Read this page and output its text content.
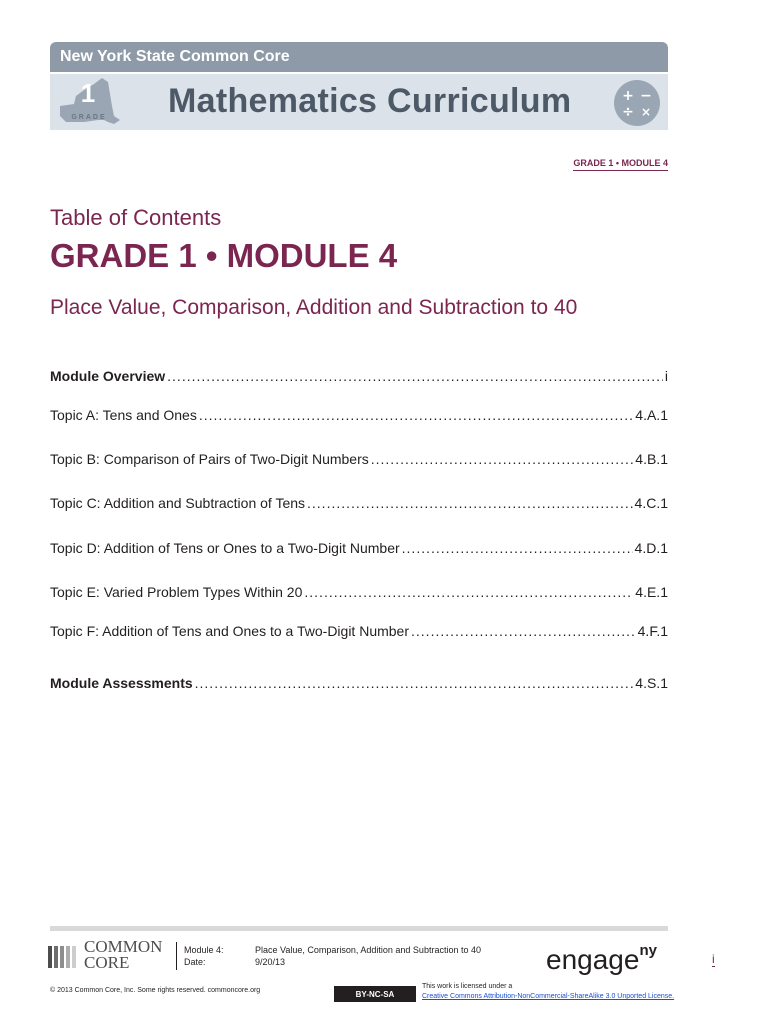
New York State Common Core
1
GRADE Mathematics Curriculum	+ −
÷ ×
GRADE 1 • MODULE 4
Table of Contents
GRADE 1 • MODULE 4
Place Value, Comparison, Addition and Subtraction to 40
Module Overview .....	i
Topic A: Tens and Ones .....	4.A.1
Topic B: Comparison of Pairs of Two-Digit Numbers .....	4.B.1
Topic C: Addition and Subtraction of Tens .....	4.C.1
Topic D: Addition of Tens or Ones to a Two-Digit Number .....	4.D.1
Topic E: Varied Problem Types Within 20 .....	4.E.1
Topic F: Addition of Tens and Ones to a Two-Digit Number .....	4.F.1
Module Assessments .....	4.S.1
COMMON
CORE
Module 4:
Date:
Place Value, Comparison, Addition and Subtraction to 40
9/20/13	engage$^{ny}$
i
© 2013 Common Core, Inc. Some rights reserved. commoncore.org	BY-NC-SA
This work is licensed under a
Creative Commons Attribution-NonCommercial-ShareAlike 3.0 Unported License.
